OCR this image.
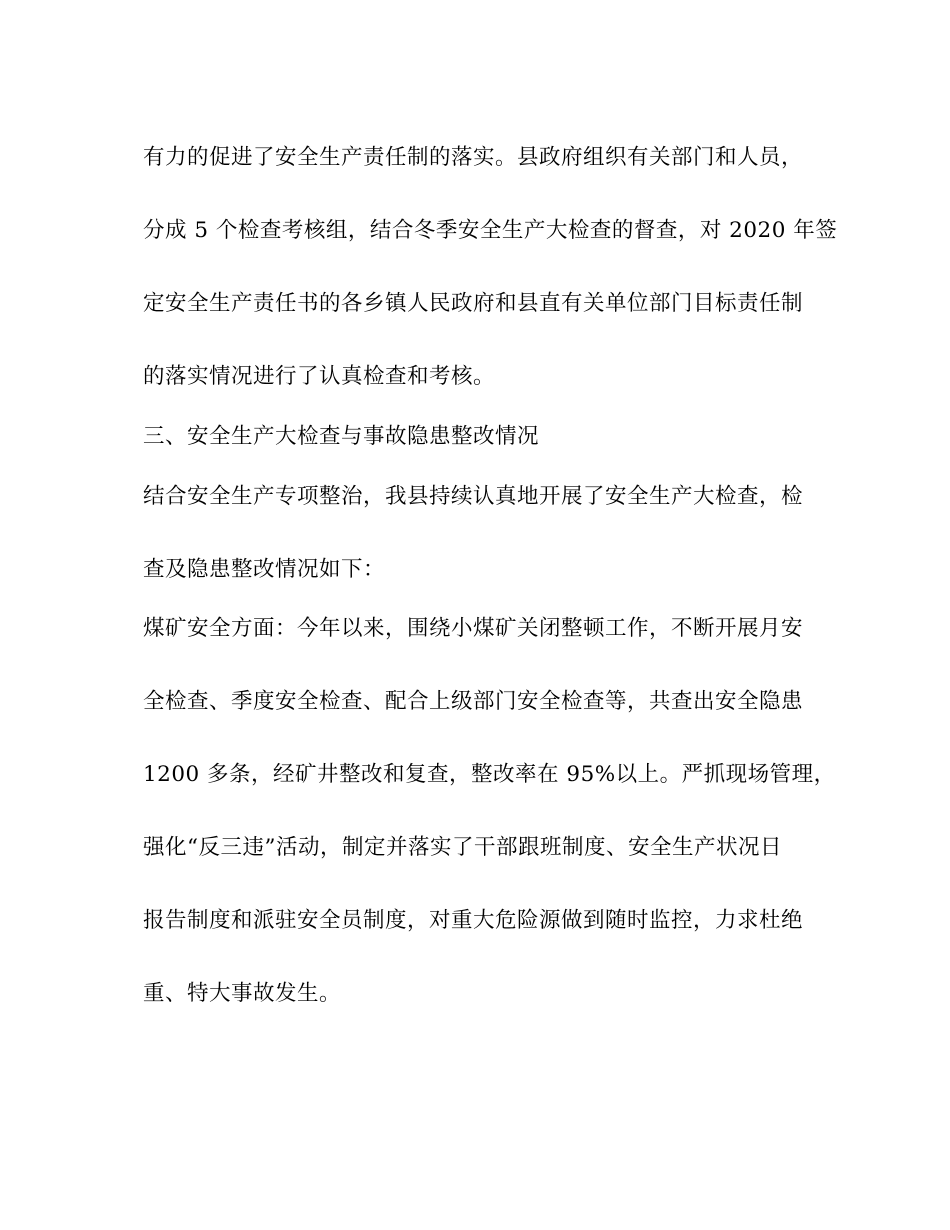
有力的促进了安全生产责任制的落实。县政府组织有关部门和人员，
分成 5 个检查考核组，结合冬季安全生产大检查的督查，对 2020 年签
定安全生产责任书的各乡镇人民政府和县直有关单位部门目标责任制
的落实情况进行了认真检查和考核。
三、安全生产大检查与事故隐患整改情况
结合安全生产专项整治，我县持续认真地开展了安全生产大检查，检
查及隐患整改情况如下：
煤矿安全方面：今年以来，围绕小煤矿关闭整顿工作，不断开展月安
全检查、季度安全检查、配合上级部门安全检查等，共查出安全隐患
1200 多条，经矿井整改和复查，整改率在 95%以上。严抓现场管理，
强化“反三违”活动，制定并落实了干部跟班制度、安全生产状况日
报告制度和派驻安全员制度，对重大危险源做到随时监控，力求杜绝
重、特大事故发生。
